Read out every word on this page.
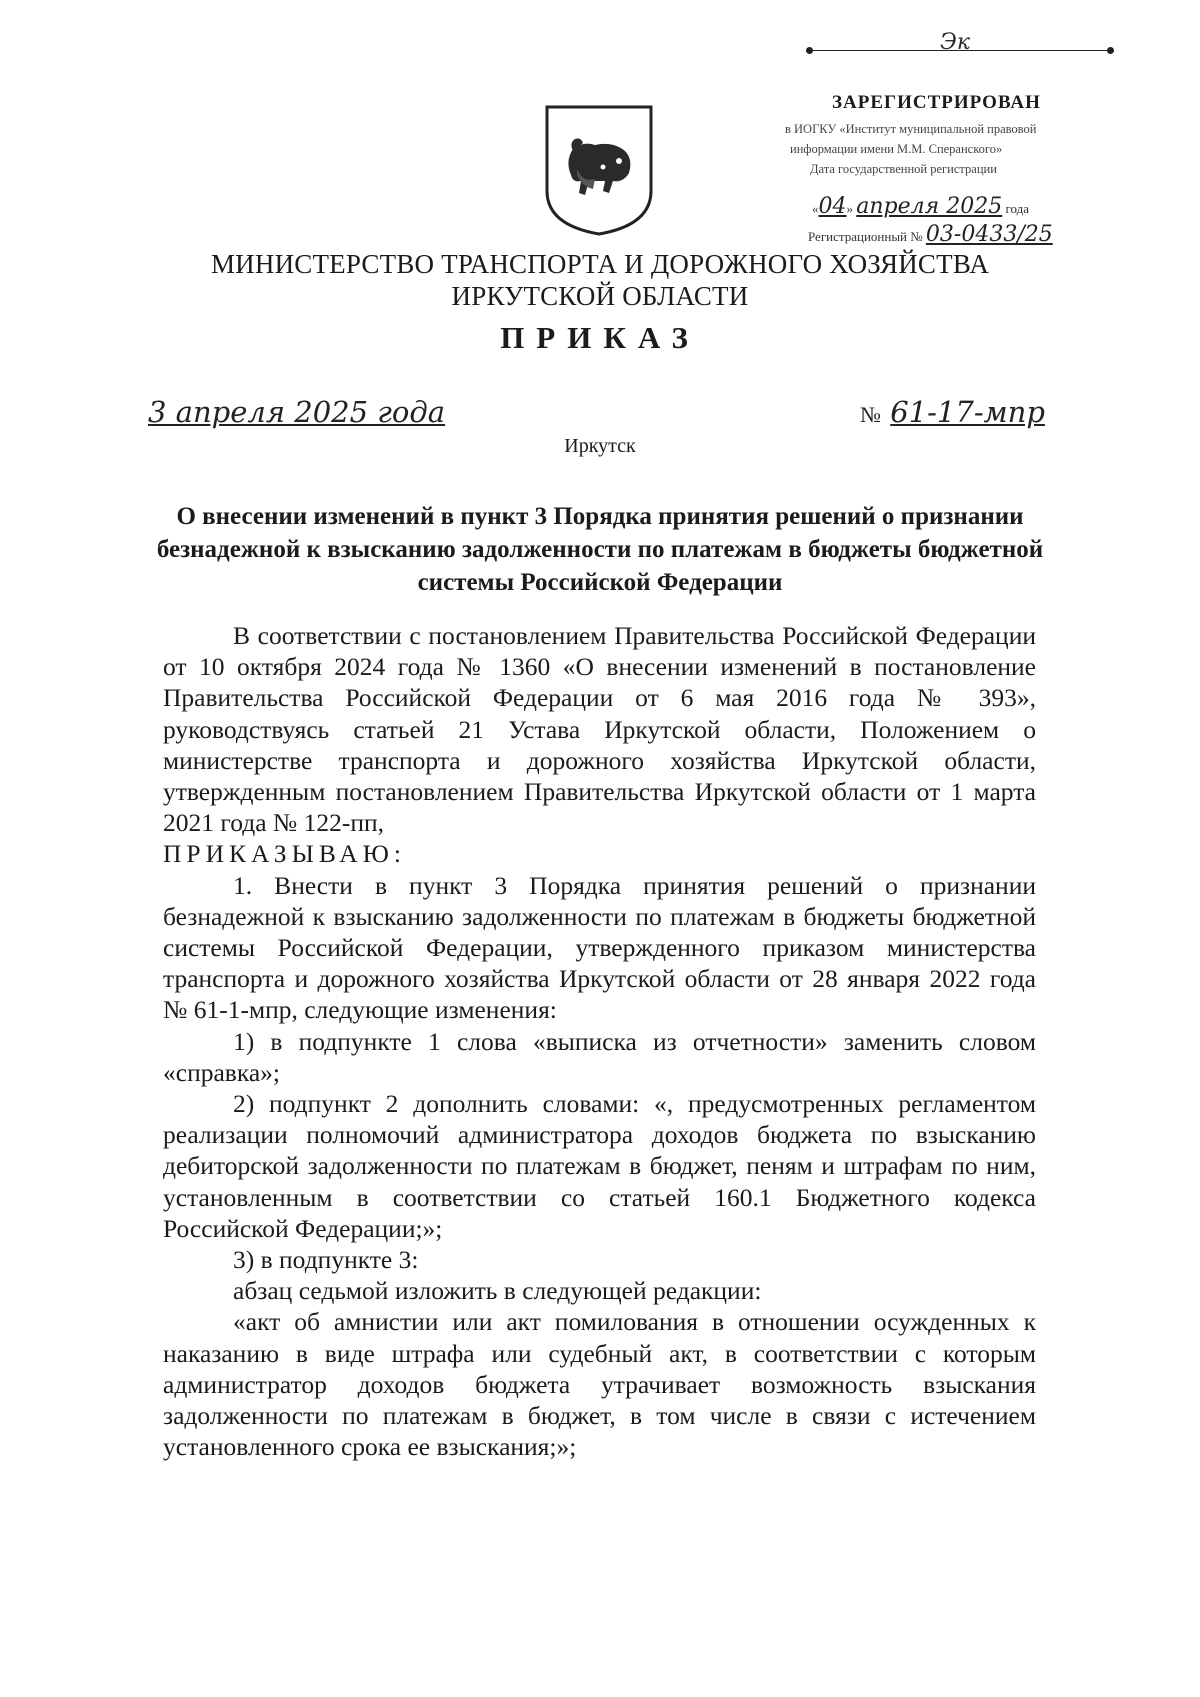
Эк
ЗАРЕГИСТРИРОВАН
в ИОГКУ «Институт муниципальной правовой
информации имени М.М. Сперанского»
Дата государственной регистрации
«04» апреля 2025 года
Регистрационный № 03-0433/25
МИНИСТЕРСТВО ТРАНСПОРТА И ДОРОЖНОГО ХОЗЯЙСТВА
ИРКУТСКОЙ ОБЛАСТИ
ПРИКАЗ
3 апреля 2025 года	№ 61-17-мпр
Иркутск
О внесении изменений в пункт 3 Порядка принятия решений о признании безнадежной к взысканию задолженности по платежам в бюджеты бюджетной системы Российской Федерации

В соответствии с постановлением Правительства Российской Федерации от 10 октября 2024 года № 1360 «О внесении изменений в постановление Правительства Российской Федерации от 6 мая 2016 года № 393», руководствуясь статьей 21 Устава Иркутской области, Положением о министерстве транспорта и дорожного хозяйства Иркутской области, утвержденным постановлением Правительства Иркутской области от 1 марта 2021 года № 122-пп,

ПРИКАЗЫВАЮ:

1. Внести в пункт 3 Порядка принятия решений о признании безнадежной к взысканию задолженности по платежам в бюджеты бюджетной системы Российской Федерации, утвержденного приказом министерства транспорта и дорожного хозяйства Иркутской области от 28 января 2022 года № 61-1-мпр, следующие изменения:

1) в подпункте 1 слова «выписка из отчетности» заменить словом «справка»;

2) подпункт 2 дополнить словами: «, предусмотренных регламентом реализации полномочий администратора доходов бюджета по взысканию дебиторской задолженности по платежам в бюджет, пеням и штрафам по ним, установленным в соответствии со статьей 160.1 Бюджетного кодекса Российской Федерации;»;

3) в подпункте 3:

абзац седьмой изложить в следующей редакции:

«акт об амнистии или акт помилования в отношении осужденных к наказанию в виде штрафа или судебный акт, в соответствии с которым администратор доходов бюджета утрачивает возможность взыскания задолженности по платежам в бюджет, в том числе в связи с истечением установленного срока ее взыскания;»;
